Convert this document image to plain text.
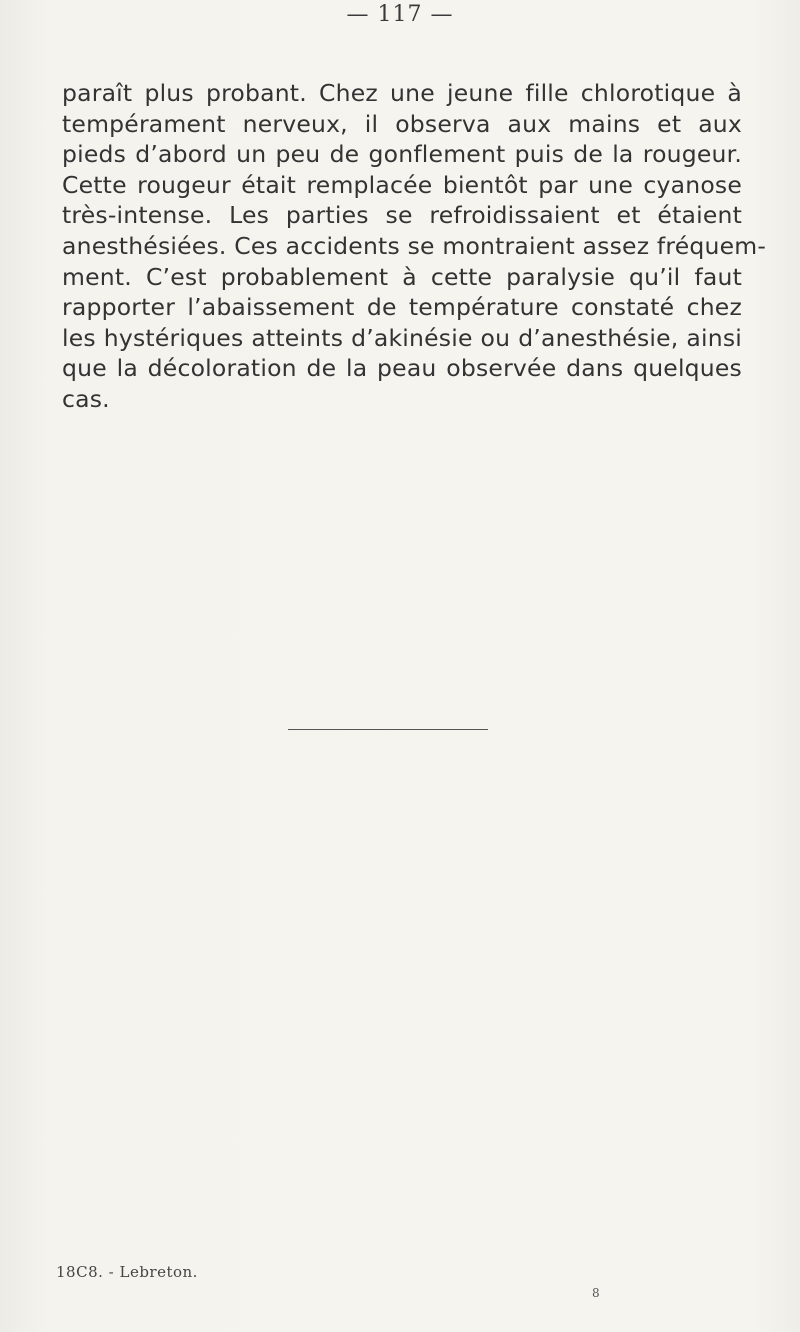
— 117 —
paraît plus probant. Chez une jeune fille chlorotique à
tempérament nerveux, il observa aux mains et aux
pieds d’abord un peu de gonflement puis de la rougeur.
Cette rougeur était remplacée bientôt par une cyanose
très-intense. Les parties se refroidissaient et étaient
anesthésiées. Ces accidents se montraient assez fréquem-
ment. C’est probablement à cette paralysie qu’il faut
rapporter l’abaissement de température constaté chez
les hystériques atteints d’akinésie ou d’anesthésie, ainsi
que la décoloration de la peau observée dans quelques
cas.
18C8. - Lebreton.
8
